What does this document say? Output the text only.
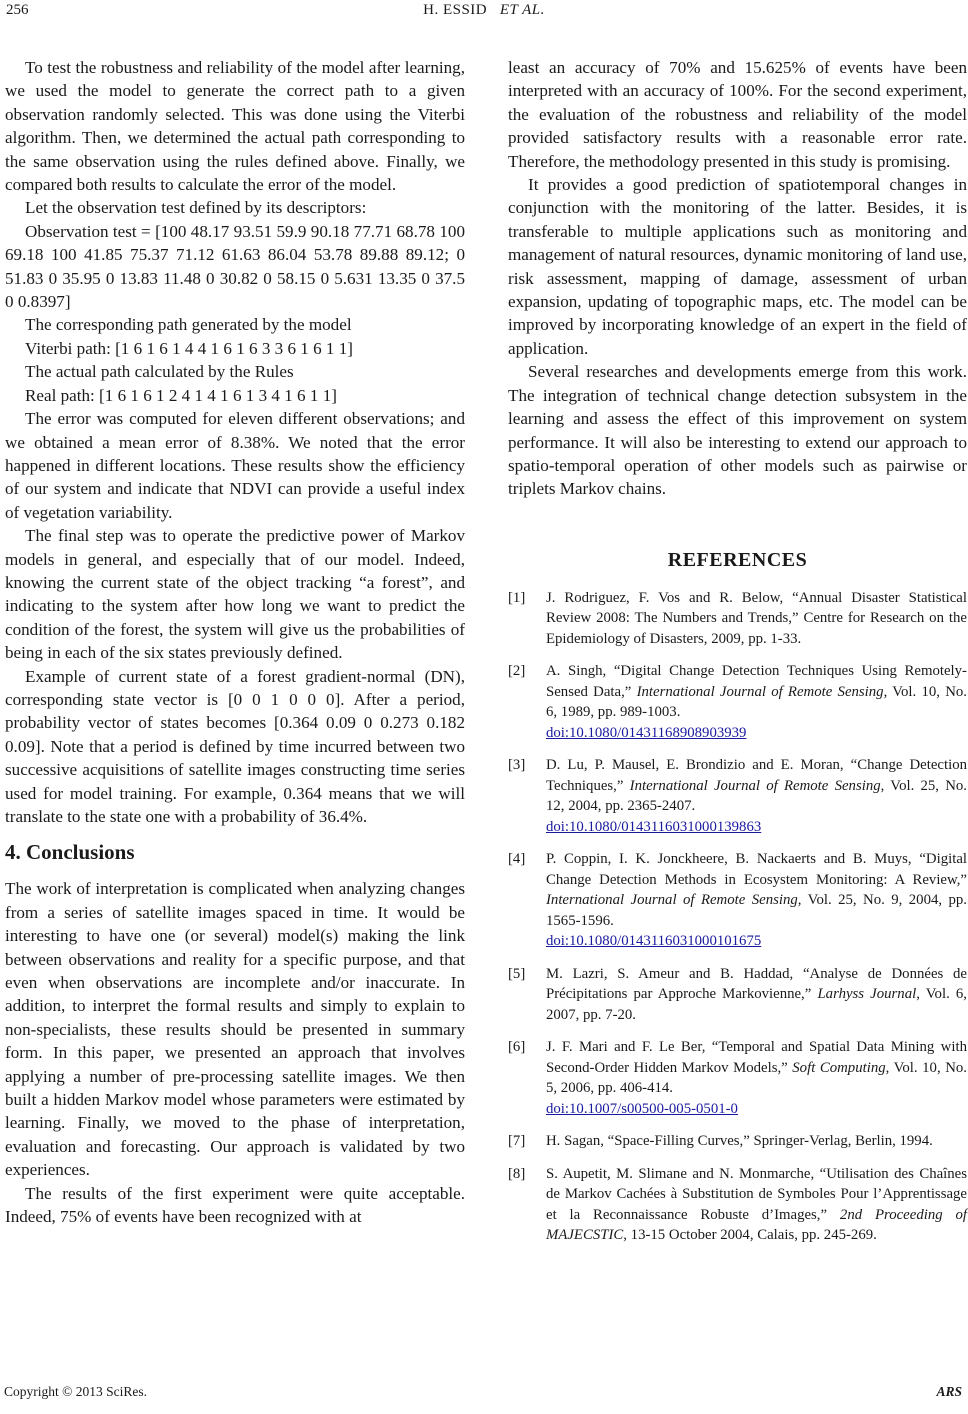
256	H. ESSID ET AL.

To test the robustness and reliability of the model after learning, we used the model to generate the correct path to a given observation randomly selected. This was done using the Viterbi algorithm. Then, we determined the actual path corresponding to the same observation using the rules defined above. Finally, we compared both results to calculate the error of the model.

Let the observation test defined by its descriptors:

Observation test = [100 48.17 93.51 59.9 90.18 77.71 68.78 100 69.18 100 41.85 75.37 71.12 61.63 86.04 53.78 89.88 89.12; 0 51.83 0 35.95 0 13.83 11.48 0 30.82 0 58.15 0 5.631 13.35 0 37.5 0 0.8397]

The corresponding path generated by the model

Viterbi path: [1 6 1 6 1 4 4 1 6 1 6 3 3 6 1 6 1 1]

The actual path calculated by the Rules

Real path: [1 6 1 6 1 2 4 1 4 1 6 1 3 4 1 6 1 1]

The error was computed for eleven different observations; and we obtained a mean error of 8.38%. We noted that the error happened in different locations. These results show the efficiency of our system and indicate that NDVI can provide a useful index of vegetation variability.

The final step was to operate the predictive power of Markov models in general, and especially that of our model. Indeed, knowing the current state of the object tracking “a forest”, and indicating to the system after how long we want to predict the condition of the forest, the system will give us the probabilities of being in each of the six states previously defined.

Example of current state of a forest gradient-normal (DN), corresponding state vector is [0 0 1 0 0 0]. After a period, probability vector of states becomes [0.364 0.09 0 0.273 0.182 0.09]. Note that a period is defined by time incurred between two successive acquisitions of satellite images constructing time series used for model training. For example, 0.364 means that we will translate to the state one with a probability of 36.4%.

4. Conclusions

The work of interpretation is complicated when analyzing changes from a series of satellite images spaced in time. It would be interesting to have one (or several) model(s) making the link between observations and reality for a specific purpose, and that even when observations are incomplete and/or inaccurate. In addition, to interpret the formal results and simply to explain to non-specialists, these results should be presented in summary form. In this paper, we presented an approach that involves applying a number of pre-processing satellite images. We then built a hidden Markov model whose parameters were estimated by learning. Finally, we moved to the phase of interpretation, evaluation and forecasting. Our approach is validated by two experiences.

The results of the first experiment were quite acceptable. Indeed, 75% of events have been recognized with at

least an accuracy of 70% and 15.625% of events have been interpreted with an accuracy of 100%. For the second experiment, the evaluation of the robustness and reliability of the model provided satisfactory results with a reasonable error rate. Therefore, the methodology presented in this study is promising.

It provides a good prediction of spatiotemporal changes in conjunction with the monitoring of the latter. Besides, it is transferable to multiple applications such as monitoring and management of natural resources, dynamic monitoring of land use, risk assessment, mapping of damage, assessment of urban expansion, updating of topographic maps, etc. The model can be improved by incorporating knowledge of an expert in the field of application.

Several researches and developments emerge from this work. The integration of technical change detection subsystem in the learning and assess the effect of this improvement on system performance. It will also be interesting to extend our approach to spatio-temporal operation of other models such as pairwise or triplets Markov chains.

REFERENCES
[1] J. Rodriguez, F. Vos and R. Below, “Annual Disaster Statistical Review 2008: The Numbers and Trends,” Centre for Research on the Epidemiology of Disasters, 2009, pp. 1-33.
[2] A. Singh, “Digital Change Detection Techniques Using Remotely-Sensed Data,” International Journal of Remote Sensing, Vol. 10, No. 6, 1989, pp. 989-1003.
doi:10.1080/01431168908903939
[3] D. Lu, P. Mausel, E. Brondizio and E. Moran, “Change Detection Techniques,” International Journal of Remote Sensing, Vol. 25, No. 12, 2004, pp. 2365-2407.
doi:10.1080/0143116031000139863
[4] P. Coppin, I. K. Jonckheere, B. Nackaerts and B. Muys, “Digital Change Detection Methods in Ecosystem Monitoring: A Review,” International Journal of Remote Sensing, Vol. 25, No. 9, 2004, pp. 1565-1596.
doi:10.1080/0143116031000101675
[5] M. Lazri, S. Ameur and B. Haddad, “Analyse de Données de Précipitations par Approche Markovienne,” Larhyss Journal, Vol. 6, 2007, pp. 7-20.
[6] J. F. Mari and F. Le Ber, “Temporal and Spatial Data Mining with Second-Order Hidden Markov Models,” Soft Computing, Vol. 10, No. 5, 2006, pp. 406-414.
doi:10.1007/s00500-005-0501-0
[7] H. Sagan, “Space-Filling Curves,” Springer-Verlag, Berlin, 1994.
[8] S. Aupetit, M. Slimane and N. Monmarche, “Utilisation des Chaînes de Markov Cachées à Substitution de Symboles Pour l’Apprentissage et la Reconnaissance Robuste d’Images,” 2nd Proceeding of MAJECSTIC, 13-15 October 2004, Calais, pp. 245-269.
Copyright © 2013 SciRes.	ARS
